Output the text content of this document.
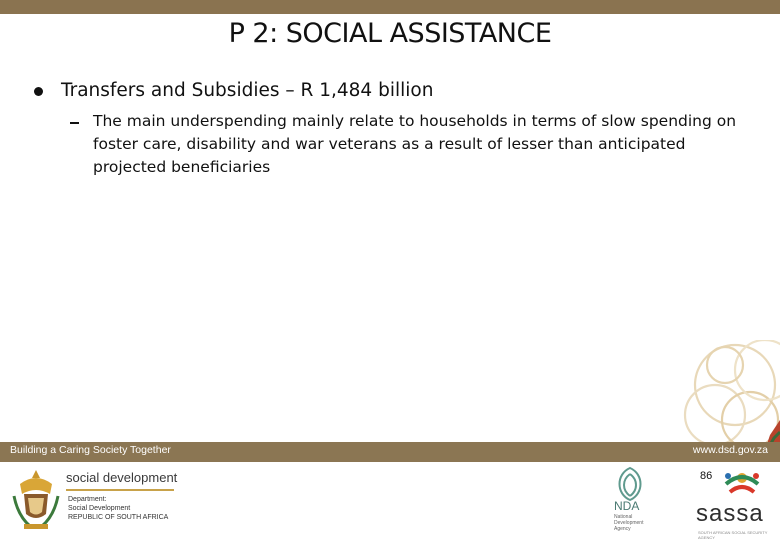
P 2: SOCIAL ASSISTANCE
Transfers and Subsidies – R 1,484 billion
The main underspending mainly relate to households in terms of slow spending on foster care, disability and war veterans as a result of lesser than anticipated projected beneficiaries
Building a Caring Society Together	www.dsd.gov.za
social development
Department:
Social Development
REPUBLIC OF SOUTH AFRICA
NDA
National Development Agency
86
sassa
SOUTH AFRICAN SOCIAL SECURITY AGENCY
